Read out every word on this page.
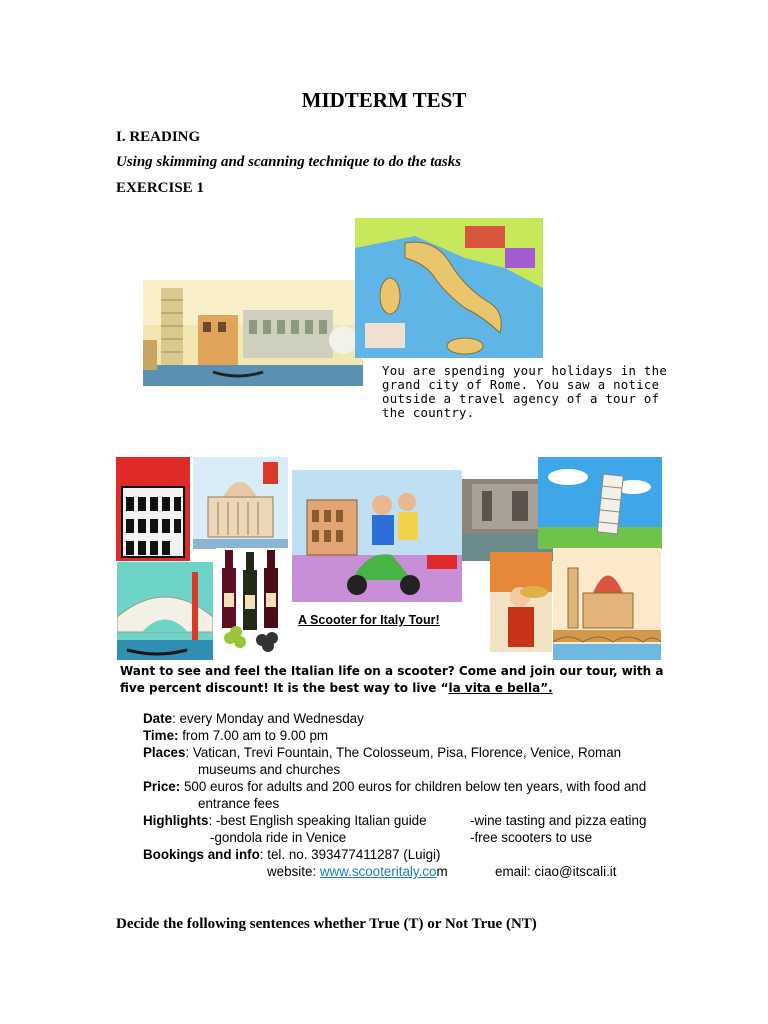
MIDTERM TEST
I. READING
Using skimming and scanning technique to do the tasks
EXERCISE 1
You are spending your holidays in the grand city of Rome. You saw a notice outside a travel agency of a tour of the country.
A Scooter for Italy Tour!
Want to see and feel the Italian life on a scooter? Come and join our tour, with a five percent discount! It is the best way to live “la vita e bella”.
Date: every Monday and Wednesday
Time: from 7.00 am to 9.00 pm
Places: Vatican, Trevi Fountain, The Colosseum, Pisa, Florence, Venice, Roman
museums and churches
Price: 500 euros for adults and 200 euros for children below ten years, with food and
entrance fees
Highlights: -best English speaking Italian guide	-wine tasting and pizza eating
-gondola ride in Venice	-free scooters to use
Bookings and info: tel. no. 393477411287 (Luigi)
website: www.scooteritaly.com	email: ciao@itscali.it
Decide the following sentences whether True (T) or Not True (NT)
